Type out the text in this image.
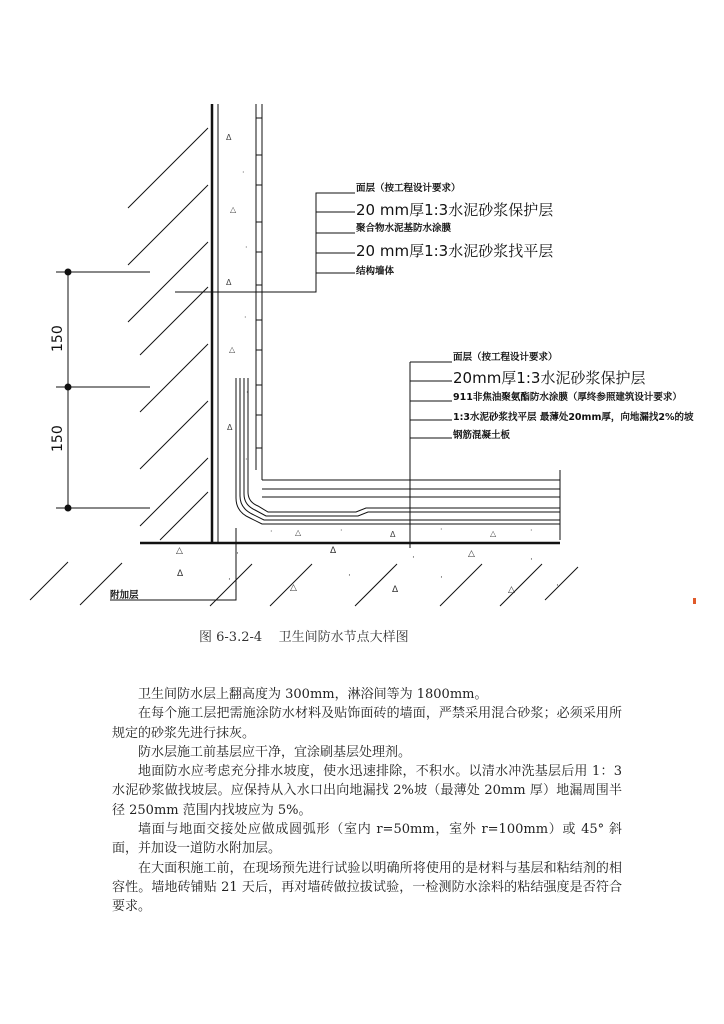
Δ
·
△
·
Δ
·
△
·
Δ
·
△	·	Δ
·	△	·
·
△	·	Δ
·	△
·
Δ
·
△
·
Δ
·
△	·
150
150
面层（按工程设计要求）
20 mm厚1:3水泥砂浆保护层
聚合物水泥基防水涂膜
20 mm厚1:3水泥砂浆找平层
结构墙体
面层（按工程设计要求）
20mm厚1:3水泥砂浆保护层
911非焦油聚氨酯防水涂膜（厚终参照建筑设计要求）
1:3水泥砂浆找平层 最薄处20mm厚，向地漏找2%的坡
钢筋混凝土板
附加层
图 6-3.2-4    卫生间防水节点大样图

卫生间防水层上翻高度为 300mm，淋浴间等为 1800mm。

在每个施工层把需施涂防水材料及贴饰面砖的墙面，严禁采用混合砂浆；必须采用所规定的砂浆先进行抹灰。

防水层施工前基层应干净，宜涂刷基层处理剂。

地面防水应考虑充分排水坡度，使水迅速排除，不积水。以清水冲洗基层后用 1：3 水泥砂浆做找坡层。应保持从入水口出向地漏找 2%坡（最薄处 20mm 厚）地漏周围半径 250mm 范围内找坡应为 5%。

墙面与地面交接处应做成圆弧形（室内 r=50mm，室外 r=100mm）或 45° 斜面，并加设一道防水附加层。

在大面积施工前，在现场预先进行试验以明确所将使用的是材料与基层和粘结剂的相容性。墙地砖铺贴 21 天后，再对墙砖做拉拔试验，一检测防水涂料的粘结强度是否符合要求。
